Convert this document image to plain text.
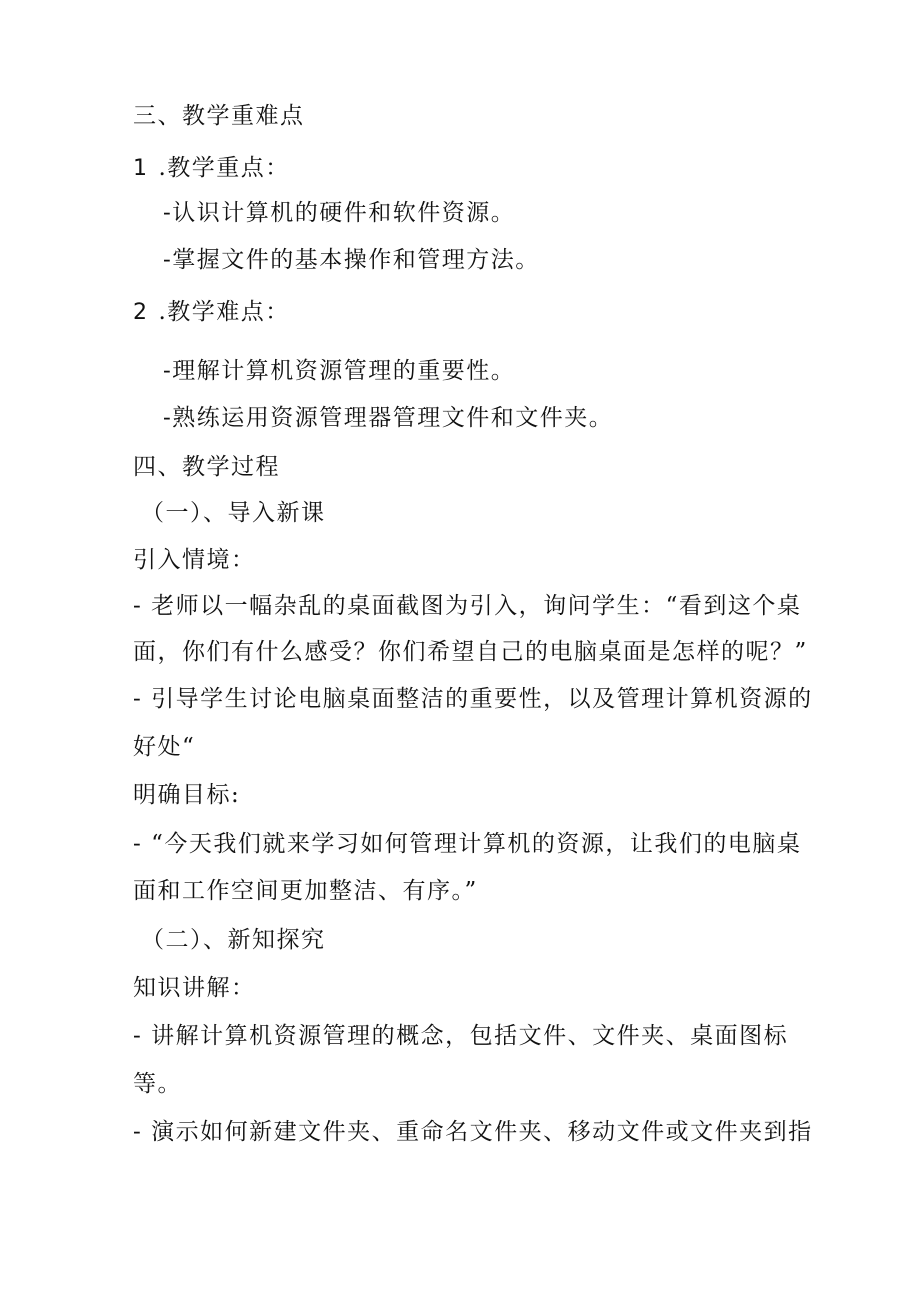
三、教学重难点
1 .教学重点：
-认识计算机的硬件和软件资源。
-掌握文件的基本操作和管理方法。
2 .教学难点：
-理解计算机资源管理的重要性。
-熟练运用资源管理器管理文件和文件夹。
四、教学过程
（一）、导入新课
引入情境：
- 老师以一幅杂乱的桌面截图为引入，询问学生：“看到这个桌
面，你们有什么感受？你们希望自己的电脑桌面是怎样的呢？”
- 引导学生讨论电脑桌面整洁的重要性，以及管理计算机资源的
好处“
明确目标:
- “今天我们就来学习如何管理计算机的资源，让我们的电脑桌
面和工作空间更加整洁、有序。”
（二）、新知探究
知识讲解：
- 讲解计算机资源管理的概念，包括文件、文件夹、桌面图标
等。
- 演示如何新建文件夹、重命名文件夹、移动文件或文件夹到指
